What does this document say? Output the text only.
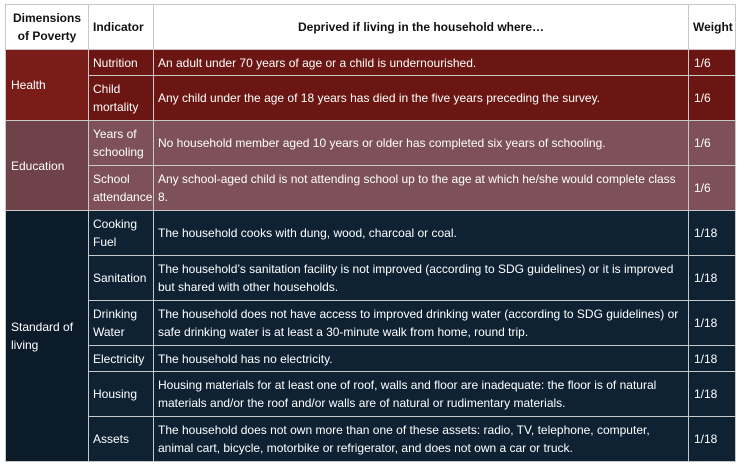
Dimensions of Poverty	Indicator	Deprived if living in the household where…	Weight
Health	Nutrition	An adult under 70 years of age or a child is undernourished.	1/6
	Child mortality	Any child under the age of 18 years has died in the five years preceding the survey.	1/6
Education	Years of schooling	No household member aged 10 years or older has completed six years of schooling.	1/6
	School attendance	Any school-aged child is not attending school up to the age at which he/she would complete class 8.	1/6
Standard of living	Cooking Fuel	The household cooks with dung, wood, charcoal or coal.	1/18
	Sanitation	The household’s sanitation facility is not improved (according to SDG guidelines) or it is improved but shared with other households.	1/18
	Drinking Water	The household does not have access to improved drinking water (according to SDG guidelines) or safe drinking water is at least a 30-minute walk from home, round trip.	1/18
	Electricity	The household has no electricity.	1/18
	Housing	Housing materials for at least one of roof, walls and floor are inadequate: the floor is of natural materials and/or the roof and/or walls are of natural or rudimentary materials.	1/18
	Assets	The household does not own more than one of these assets: radio, TV, telephone, computer, animal cart, bicycle, motorbike or refrigerator, and does not own a car or truck.	1/18
